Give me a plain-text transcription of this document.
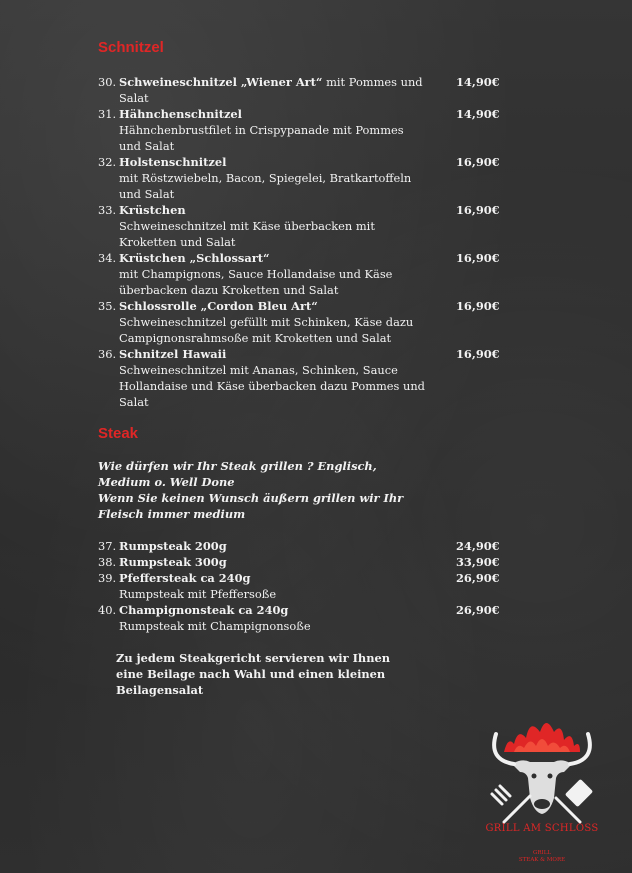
Schnitzel
30. Schweineschnitzel „Wiener Art“ mit Pommes und Salat
14,90€
31. Hähnchenschnitzel
Hähnchenbrustfilet in Crispypanade mit Pommes und Salat
14,90€
32. Holstenschnitzel
mit Röstzwiebeln, Bacon, Spiegelei, Bratkartoffeln und Salat
16,90€
33. Krüstchen
Schweineschnitzel mit Käse überbacken mit Kroketten und Salat
16,90€
34. Krüstchen „Schlossart“
mit Champignons, Sauce Hollandaise und Käse überbacken dazu Kroketten und Salat
16,90€
35. Schlossrolle „Cordon Bleu Art“
Schweineschnitzel gefüllt mit Schinken, Käse dazu Campignonsrahmsoße mit Kroketten und Salat
16,90€
36. Schnitzel Hawaii
Schweineschnitzel mit Ananas, Schinken, Sauce Hollandaise und Käse überbacken dazu Pommes und Salat
16,90€
Steak
Wie dürfen wir Ihr Steak grillen ? Englisch,
Medium o. Well Done
Wenn Sie keinen Wunsch äußern grillen wir Ihr
Fleisch immer medium
37. Rumpsteak 200g	24,90€
38. Rumpsteak 300g	33,90€
39. Pfeffersteak ca 240g
Rumpsteak mit Pfeffersoße
26,90€
40. Champignonsteak ca 240g
Rumpsteak mit Champignonsoße
26,90€
Zu jedem Steakgericht servieren wir Ihnen
eine Beilage nach Wahl und einen kleinen
Beilagensalat
GRILL AM SCHLOSS
GRILL
STEAK & MORE
